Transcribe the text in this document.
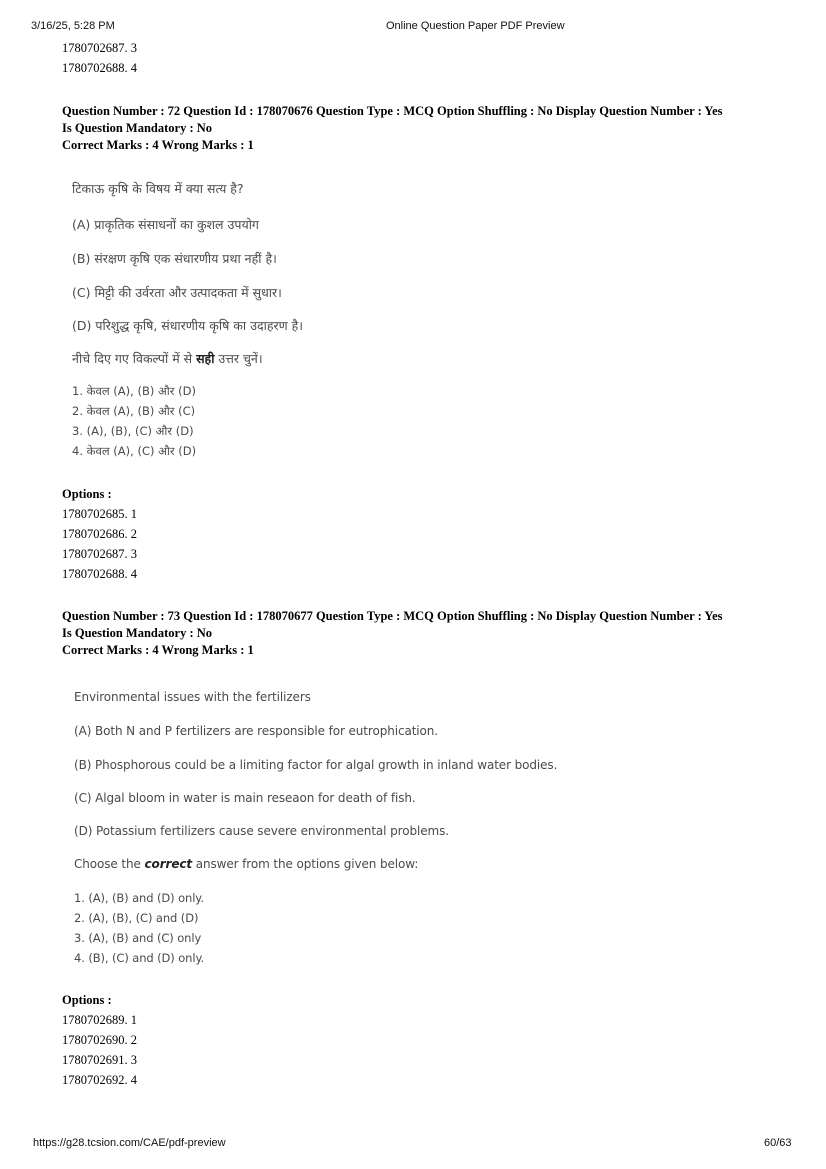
3/16/25, 5:28 PM	Online Question Paper PDF Preview
1780702687. 3
1780702688. 4
Question Number : 72 Question Id : 178070676 Question Type : MCQ Option Shuffling : No Display Question Number : Yes
Is Question Mandatory : No
Correct Marks : 4 Wrong Marks : 1
टिकाऊ कृषि के विषय में क्या सत्य है?
(A) प्राकृतिक संसाधनों का कुशल उपयोग
(B) संरक्षण कृषि एक संधारणीय प्रथा नहीं है।
(C) मिट्टी की उर्वरता और उत्पादकता में सुधार।
(D) परिशुद्ध कृषि, संधारणीय कृषि का उदाहरण है।
नीचे दिए गए विकल्पों में से सही उत्तर चुनें।
1. केवल (A), (B) और (D)
2. केवल (A), (B) और (C)
3. (A), (B), (C) और (D)
4. केवल (A), (C) और (D)
Options :
1780702685. 1
1780702686. 2
1780702687. 3
1780702688. 4
Question Number : 73 Question Id : 178070677 Question Type : MCQ Option Shuffling : No Display Question Number : Yes
Is Question Mandatory : No
Correct Marks : 4 Wrong Marks : 1
Environmental issues with the fertilizers
(A) Both N and P fertilizers are responsible for eutrophication.
(B) Phosphorous could be a limiting factor for algal growth in inland water bodies.
(C) Algal bloom in water is main reseaon for death of fish.
(D) Potassium fertilizers cause severe environmental problems.
Choose the correct answer from the options given below:
1. (A), (B) and (D) only.
2. (A), (B), (C) and (D)
3. (A), (B) and (C) only
4. (B), (C) and (D) only.
Options :
1780702689. 1
1780702690. 2
1780702691. 3
1780702692. 4
https://g28.tcsion.com/CAE/pdf-preview	60/63
